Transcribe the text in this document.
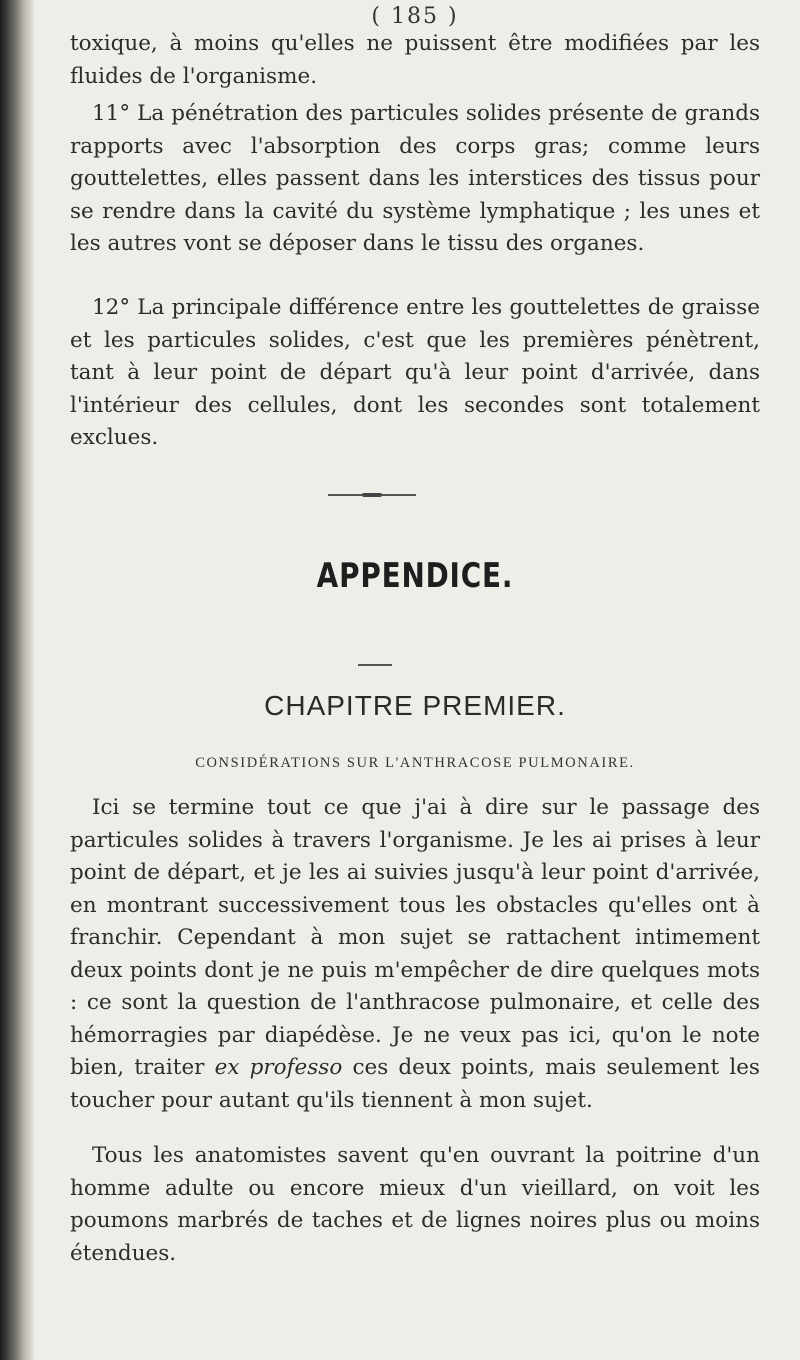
( 185 )

toxique, à moins qu'elles ne puissent être modifiées par les fluides de l'organisme.

11° La pénétration des particules solides présente de grands rapports avec l'absorption des corps gras; comme leurs gouttelettes, elles passent dans les interstices des tissus pour se rendre dans la cavité du système lymphatique ; les unes et les autres vont se déposer dans le tissu des organes.

12° La principale différence entre les gouttelettes de graisse et les particules solides, c'est que les premières pénètrent, tant à leur point de départ qu'à leur point d'arrivée, dans l'intérieur des cellules, dont les secondes sont totalement exclues.

APPENDICE.
CHAPITRE PREMIER.
CONSIDÉRATIONS SUR L'ANTHRACOSE PULMONAIRE.

Ici se termine tout ce que j'ai à dire sur le passage des particules solides à travers l'organisme. Je les ai prises à leur point de départ, et je les ai suivies jusqu'à leur point d'arrivée, en montrant successivement tous les obstacles qu'elles ont à franchir. Cependant à mon sujet se rattachent intimement deux points dont je ne puis m'empêcher de dire quelques mots : ce sont la question de l'anthracose pulmonaire, et celle des hémorragies par diapédèse. Je ne veux pas ici, qu'on le note bien, traiter ex professo ces deux points, mais seulement les toucher pour autant qu'ils tiennent à mon sujet.

Tous les anatomistes savent qu'en ouvrant la poitrine d'un homme adulte ou encore mieux d'un vieillard, on voit les poumons marbrés de taches et de lignes noires plus ou moins étendues.
